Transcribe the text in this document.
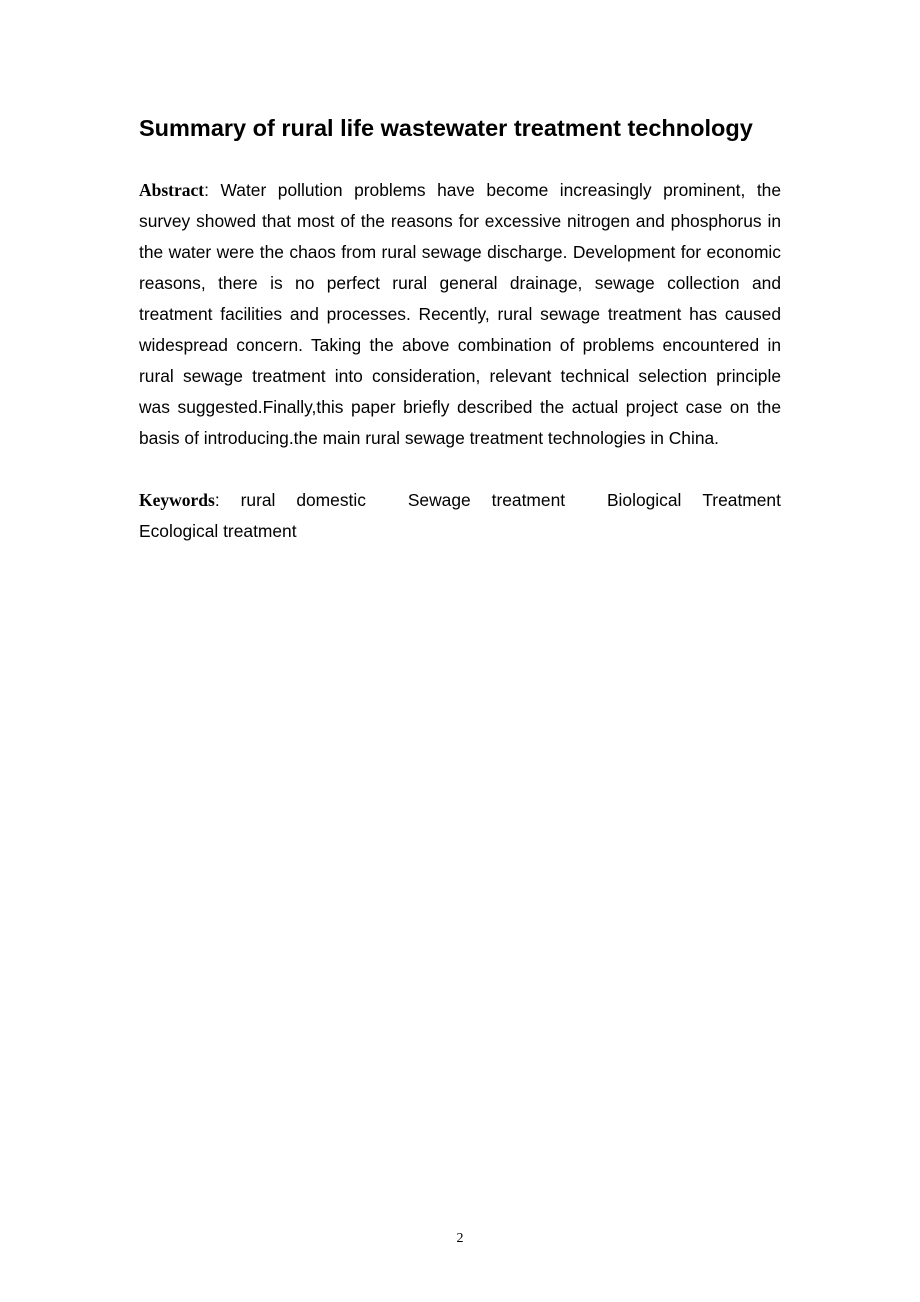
Summary of rural life wastewater treatment technology

Abstract: Water pollution problems have become increasingly prominent, the survey showed that most of the reasons for excessive nitrogen and phosphorus in the water were the chaos from rural sewage discharge. Development for economic reasons, there is no perfect rural general drainage, sewage collection and treatment facilities and processes. Recently, rural sewage treatment has caused widespread concern. Taking the above combination of problems encountered in rural sewage treatment into consideration, relevant technical selection principle was suggested.Finally,this paper briefly described the actual project case on the basis of introducing.the main rural sewage treatment technologies in China.

Keywords: rural domestic Sewage treatment Biological Treatment
Ecological treatment
2
